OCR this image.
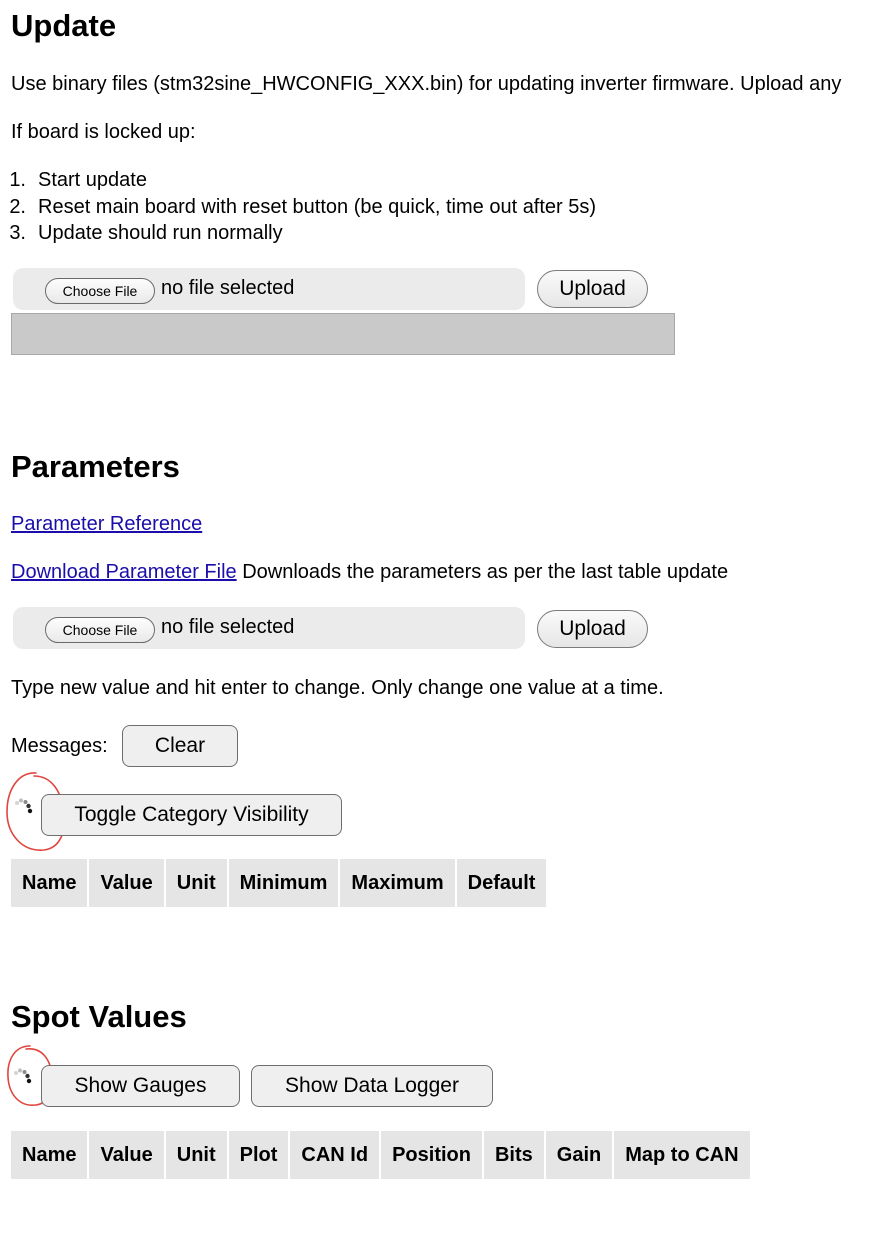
Update
Use binary files (stm32sine_HWCONFIG_XXX.bin) for updating inverter firmware. Upload any
If board is locked up:
1. Start update
2. Reset main board with reset button (be quick, time out after 5s)
3. Update should run normally
Choose File	no file selected	Upload
Parameters
Parameter Reference
Download Parameter File Downloads the parameters as per the last table update
Choose File	no file selected	Upload
Type new value and hit enter to change. Only change one value at a time.
Messages:	Clear
Toggle Category Visibility
Name	Value	Unit	Minimum	Maximum	Default
Spot Values
Show Gauges	Show Data Logger
Name	Value	Unit	Plot	CAN Id	Position	Bits	Gain	Map to CAN
